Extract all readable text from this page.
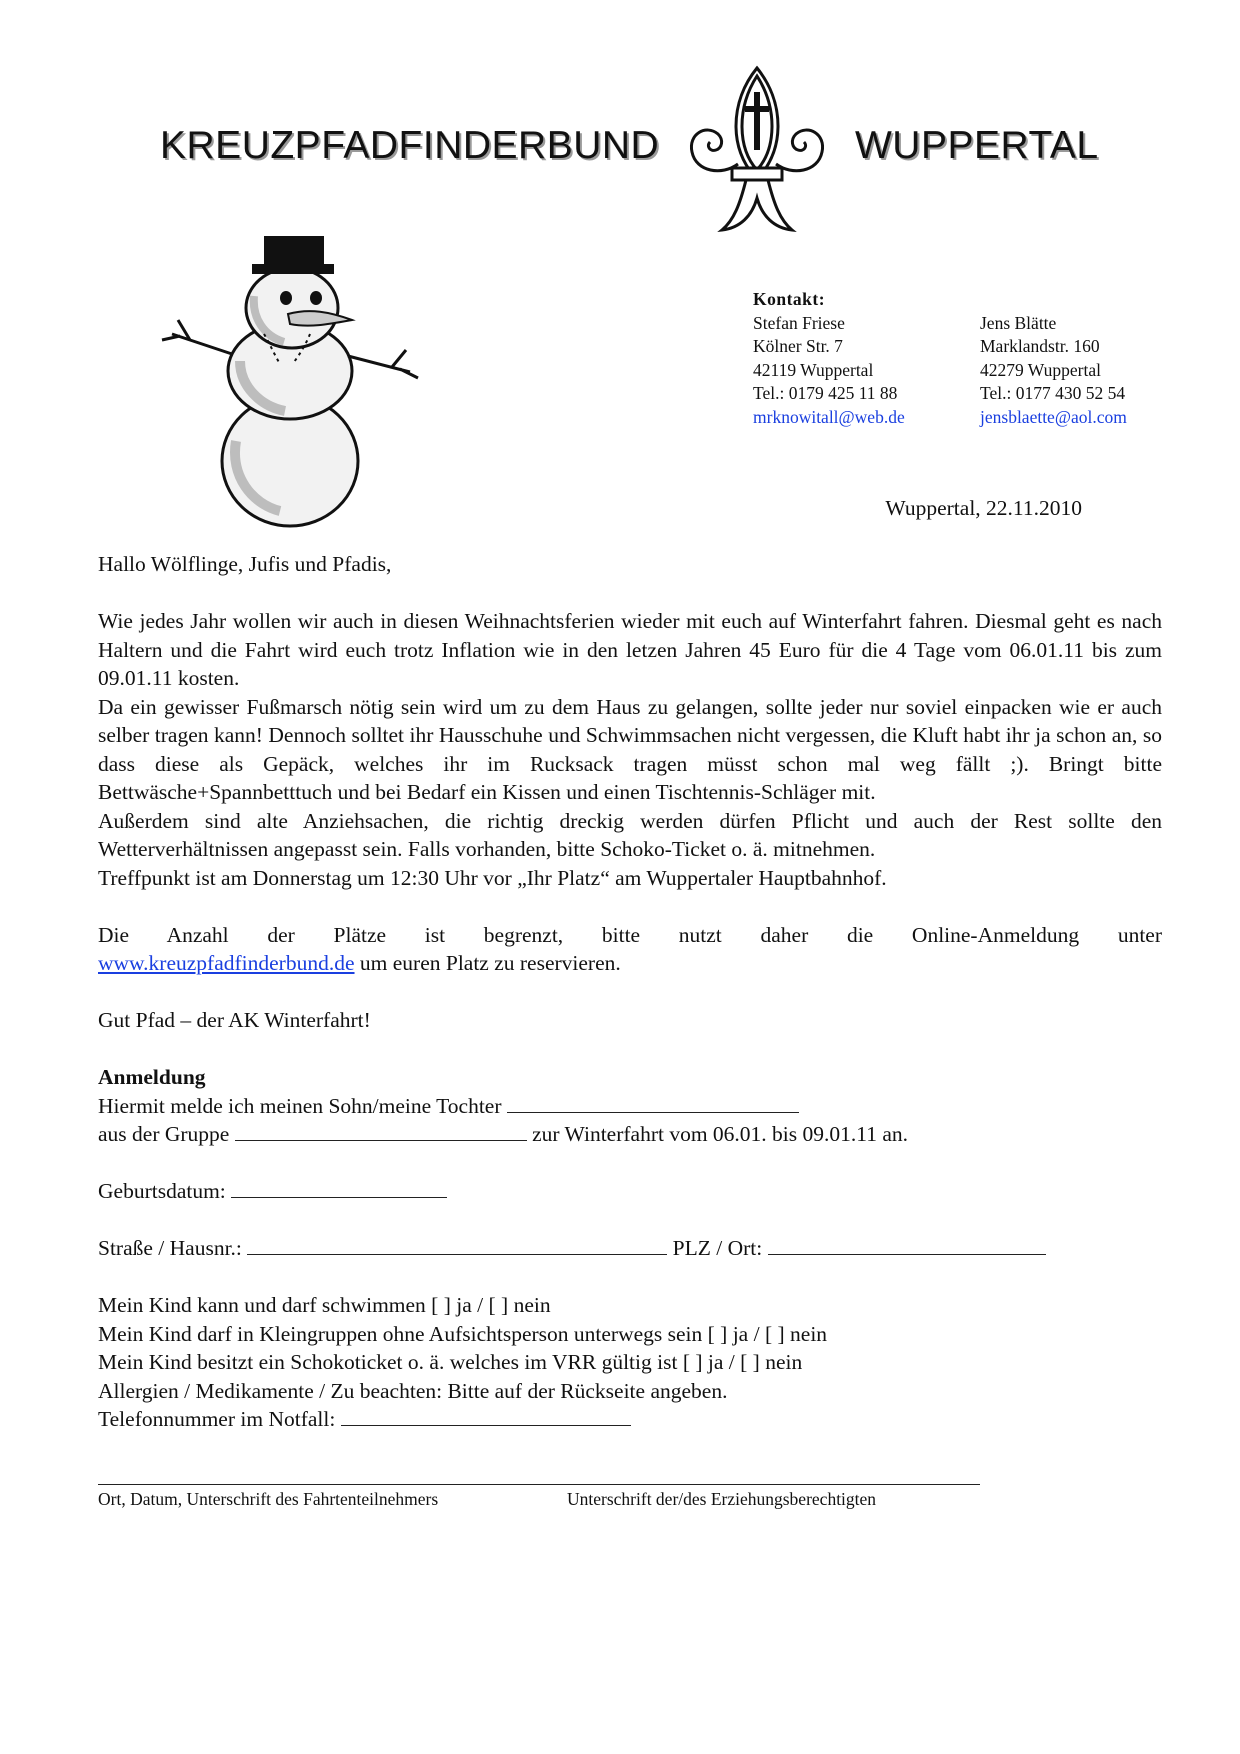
KREUZPFADFINDERBUND	WUPPERTAL
Kontakt:
Stefan Friese
Kölner Str. 7
42119 Wuppertal
Tel.: 0179 425 11 88
mrknowitall@web.de
Jens Blätte
Marklandstr. 160
42279 Wuppertal
Tel.: 0177 430 52 54
jensblaette@aol.com
Wuppertal, 22.11.2010

Hallo Wölflinge, Jufis und Pfadis,

Wie jedes Jahr wollen wir auch in diesen Weihnachtsferien wieder mit euch auf Winterfahrt fahren. Diesmal geht es nach Haltern und die Fahrt wird euch trotz Inflation wie in den letzen Jahren 45 Euro für die 4 Tage vom 06.01.11 bis zum 09.01.11 kosten.

Da ein gewisser Fußmarsch nötig sein wird um zu dem Haus zu gelangen, sollte jeder nur soviel einpacken wie er auch selber tragen kann! Dennoch solltet ihr Hausschuhe und Schwimmsachen nicht vergessen, die Kluft habt ihr ja schon an, so dass diese als Gepäck, welches ihr im Rucksack tragen müsst schon mal weg fällt ;). Bringt bitte Bettwäsche+Spannbetttuch und bei Bedarf ein Kissen und einen Tischtennis-Schläger mit.

Außerdem sind alte Anziehsachen, die richtig dreckig werden dürfen Pflicht und auch der Rest sollte den Wetterverhältnissen angepasst sein. Falls vorhanden, bitte Schoko-Ticket o. ä. mitnehmen.

Treffpunkt ist am Donnerstag um 12:30 Uhr vor „Ihr Platz“ am Wuppertaler Hauptbahnhof.

Die Anzahl der Plätze ist begrenzt, bitte nutzt daher die Online-Anmeldung unter

www.kreuzpfadfinderbund.de um euren Platz zu reservieren.

Gut Pfad – der AK Winterfahrt!

Anmeldung

Hiermit melde ich meinen Sohn/meine Tochter
aus der Gruppe	zur Winterfahrt vom 06.01. bis 09.01.11 an.
Geburtsdatum:
Straße / Hausnr.:	PLZ / Ort:
Mein Kind kann und darf schwimmen [ ] ja / [ ] nein
Mein Kind darf in Kleingruppen ohne Aufsichtsperson unterwegs sein [ ] ja / [ ] nein
Mein Kind besitzt ein Schokoticket o. ä. welches im VRR gültig ist [ ] ja / [ ] nein
Allergien / Medikamente / Zu beachten: Bitte auf der Rückseite angeben.
Telefonnummer im Notfall:
Ort, Datum, Unterschrift des Fahrtenteilnehmers	Unterschrift der/des Erziehungsberechtigten
